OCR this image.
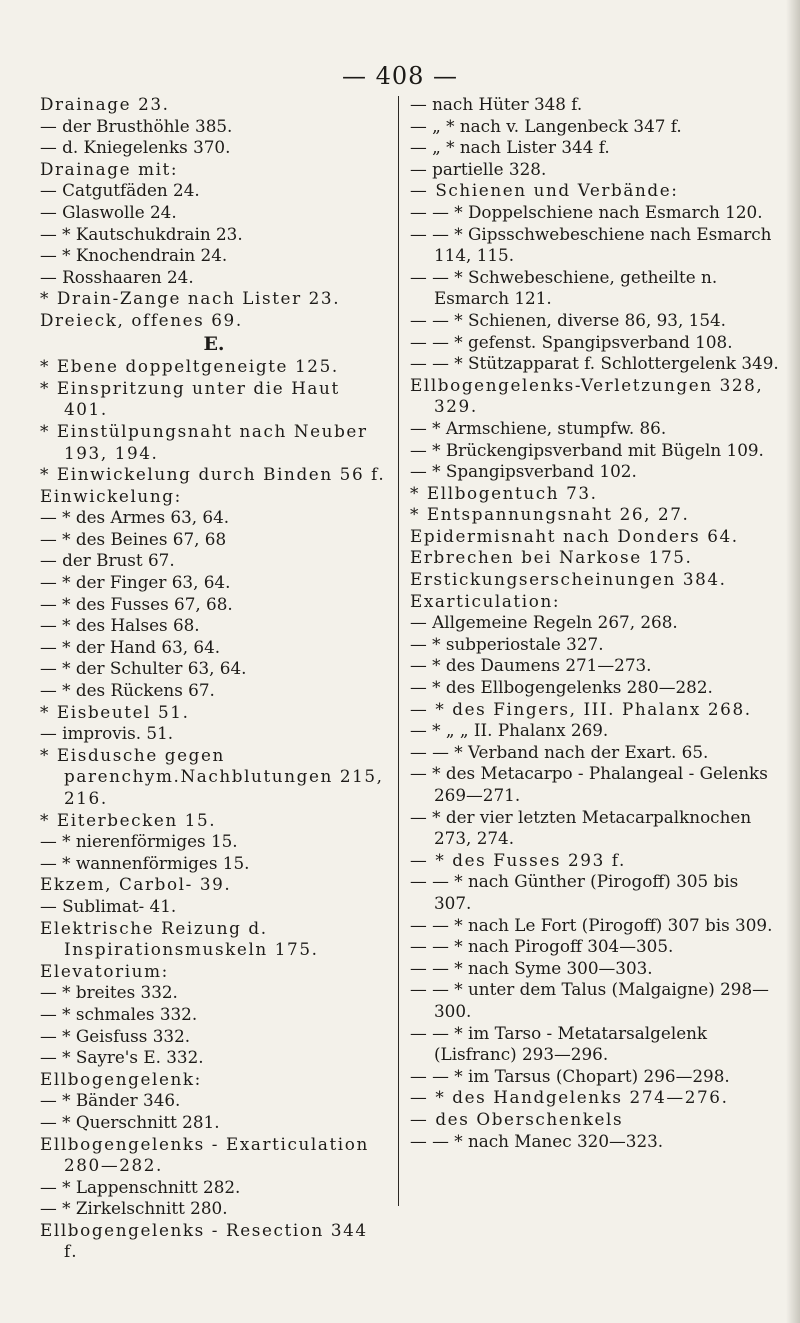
— 408 —
Drainage 23.
— der Brusthöhle 385.
— d. Kniegelenks 370.
Drainage mit:
— Catgutfäden 24.
— Glaswolle 24.
— * Kautschukdrain 23.
— * Knochendrain 24.
— Rosshaaren 24.
* Drain-Zange nach Lister 23.
Dreieck, offenes 69.
E.
* Ebene doppeltgeneigte 125.
* Einspritzung unter die Haut 401.
* Einstülpungsnaht nach Neuber 193, 194.
* Einwickelung durch Binden 56 f.
Einwickelung:
— * des Armes 63, 64.
— * des Beines 67, 68
— der Brust 67.
— * der Finger 63, 64.
— * des Fusses 67, 68.
— * des Halses 68.
— * der Hand 63, 64.
— * der Schulter 63, 64.
— * des Rückens 67.
* Eisbeutel 51.
— improvis. 51.
* Eisdusche gegen parenchym.Nachblutungen 215, 216.
* Eiterbecken 15.
— * nierenförmiges 15.
— * wannenförmiges 15.
Ekzem, Carbol- 39.
— Sublimat- 41.
Elektrische Reizung d. Inspirationsmuskeln 175.
Elevatorium:
— * breites 332.
— * schmales 332.
— * Geisfuss 332.
— * Sayre's E. 332.
Ellbogengelenk:
— * Bänder 346.
— * Querschnitt 281.
Ellbogengelenks - Exarticulation 280—282.
— * Lappenschnitt 282.
— * Zirkelschnitt 280.
Ellbogengelenks - Resection 344 f.
— nach Hüter 348 f.
— „ * nach v. Langenbeck 347 f.
— „ * nach Lister 344 f.
— partielle 328.
— Schienen und Verbände:
— — * Doppelschiene nach Esmarch 120.
— — * Gipsschwebeschiene nach Esmarch 114, 115.
— — * Schwebeschiene, getheilte n. Esmarch 121.
— — * Schienen, diverse 86, 93, 154.
— — * gefenst. Spangipsverband 108.
— — * Stützapparat f. Schlottergelenk 349.
Ellbogengelenks-Verletzungen 328, 329.
— * Armschiene, stumpfw. 86.
— * Brückengipsverband mit Bügeln 109.
— * Spangipsverband 102.
* Ellbogentuch 73.
* Entspannungsnaht 26, 27.
Epidermisnaht nach Donders 64.
Erbrechen bei Narkose 175.
Erstickungserscheinungen 384.
Exarticulation:
— Allgemeine Regeln 267, 268.
— * subperiostale 327.
— * des Daumens 271—273.
— * des Ellbogengelenks 280—282.
— * des Fingers, III. Phalanx 268.
— * „ „ II. Phalanx 269.
— — * Verband nach der Exart. 65.
— * des Metacarpo - Phalangeal - Gelenks 269—271.
— * der vier letzten Metacarpalknochen 273, 274.
— * des Fusses 293 f.
— — * nach Günther (Pirogoff) 305 bis 307.
— — * nach Le Fort (Pirogoff) 307 bis 309.
— — * nach Pirogoff 304—305.
— — * nach Syme 300—303.
— — * unter dem Talus (Malgaigne) 298—300.
— — * im Tarso - Metatarsalgelenk (Lisfranc) 293—296.
— — * im Tarsus (Chopart) 296—298.
— * des Handgelenks 274—276.
— des Oberschenkels
— — * nach Manec 320—323.
